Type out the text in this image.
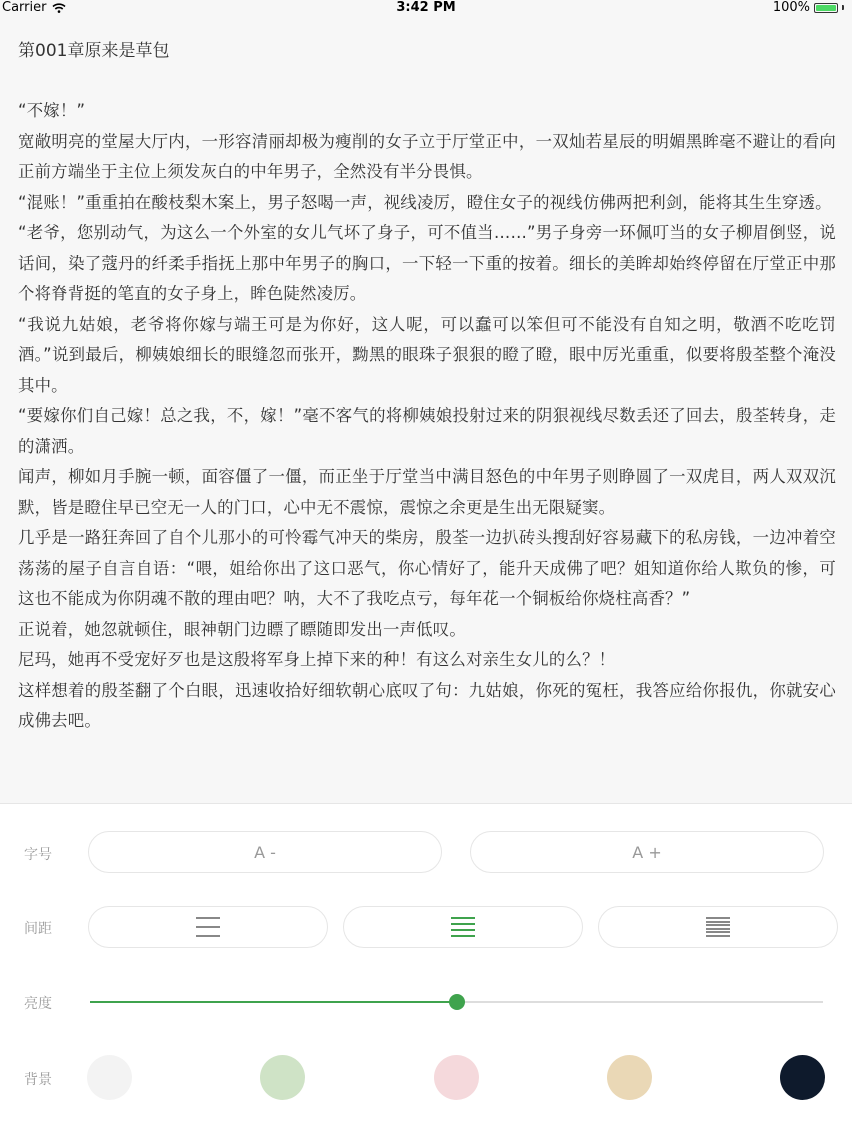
Carrier	3:42 PM	100%
第001章原来是草包

“不嫁！”

宽敞明亮的堂屋大厅内，一形容清丽却极为瘦削的女子立于厅堂正中，一双灿若星辰的明媚黑眸毫不避让的看向正前方端坐于主位上须发灰白的中年男子，全然没有半分畏惧。

“混账！”重重拍在酸枝梨木案上，男子怒喝一声，视线凌厉，瞪住女子的视线仿佛两把利剑，能将其生生穿透。

“老爷，您别动气，为这么一个外室的女儿气坏了身子，可不值当……”男子身旁一环佩叮当的女子柳眉倒竖，说话间，染了蔻丹的纤柔手指抚上那中年男子的胸口，一下轻一下重的按着。细长的美眸却始终停留在厅堂正中那个将脊背挺的笔直的女子身上，眸色陡然凌厉。

“我说九姑娘，老爷将你嫁与端王可是为你好，这人呢，可以蠢可以笨但可不能没有自知之明，敬酒不吃吃罚酒。”说到最后，柳姨娘细长的眼缝忽而张开，黝黑的眼珠子狠狠的瞪了瞪，眼中厉光重重，似要将殷荃整个淹没其中。

“要嫁你们自己嫁！总之我，不，嫁！”毫不客气的将柳姨娘投射过来的阴狠视线尽数丢还了回去，殷荃转身，走的潇洒。

闻声，柳如月手腕一顿，面容僵了一僵，而正坐于厅堂当中满目怒色的中年男子则睁圆了一双虎目，两人双双沉默，皆是瞪住早已空无一人的门口，心中无不震惊，震惊之余更是生出无限疑窦。

几乎是一路狂奔回了自个儿那小的可怜霉气冲天的柴房，殷荃一边扒砖头搜刮好容易藏下的私房钱，一边冲着空荡荡的屋子自言自语：“喂，姐给你出了这口恶气，你心情好了，能升天成佛了吧？姐知道你给人欺负的惨，可这也不能成为你阴魂不散的理由吧？呐，大不了我吃点亏，每年花一个铜板给你烧柱高香？”

正说着，她忽就顿住，眼神朝门边瞟了瞟随即发出一声低叹。

尼玛，她再不受宠好歹也是这殷将军身上掉下来的种！有这么对亲生女儿的么？！

这样想着的殷荃翻了个白眼，迅速收拾好细软朝心底叹了句：九姑娘，你死的冤枉，我答应给你报仇，你就安心成佛去吧。

字号	A -	A +
间距
亮度
背景
